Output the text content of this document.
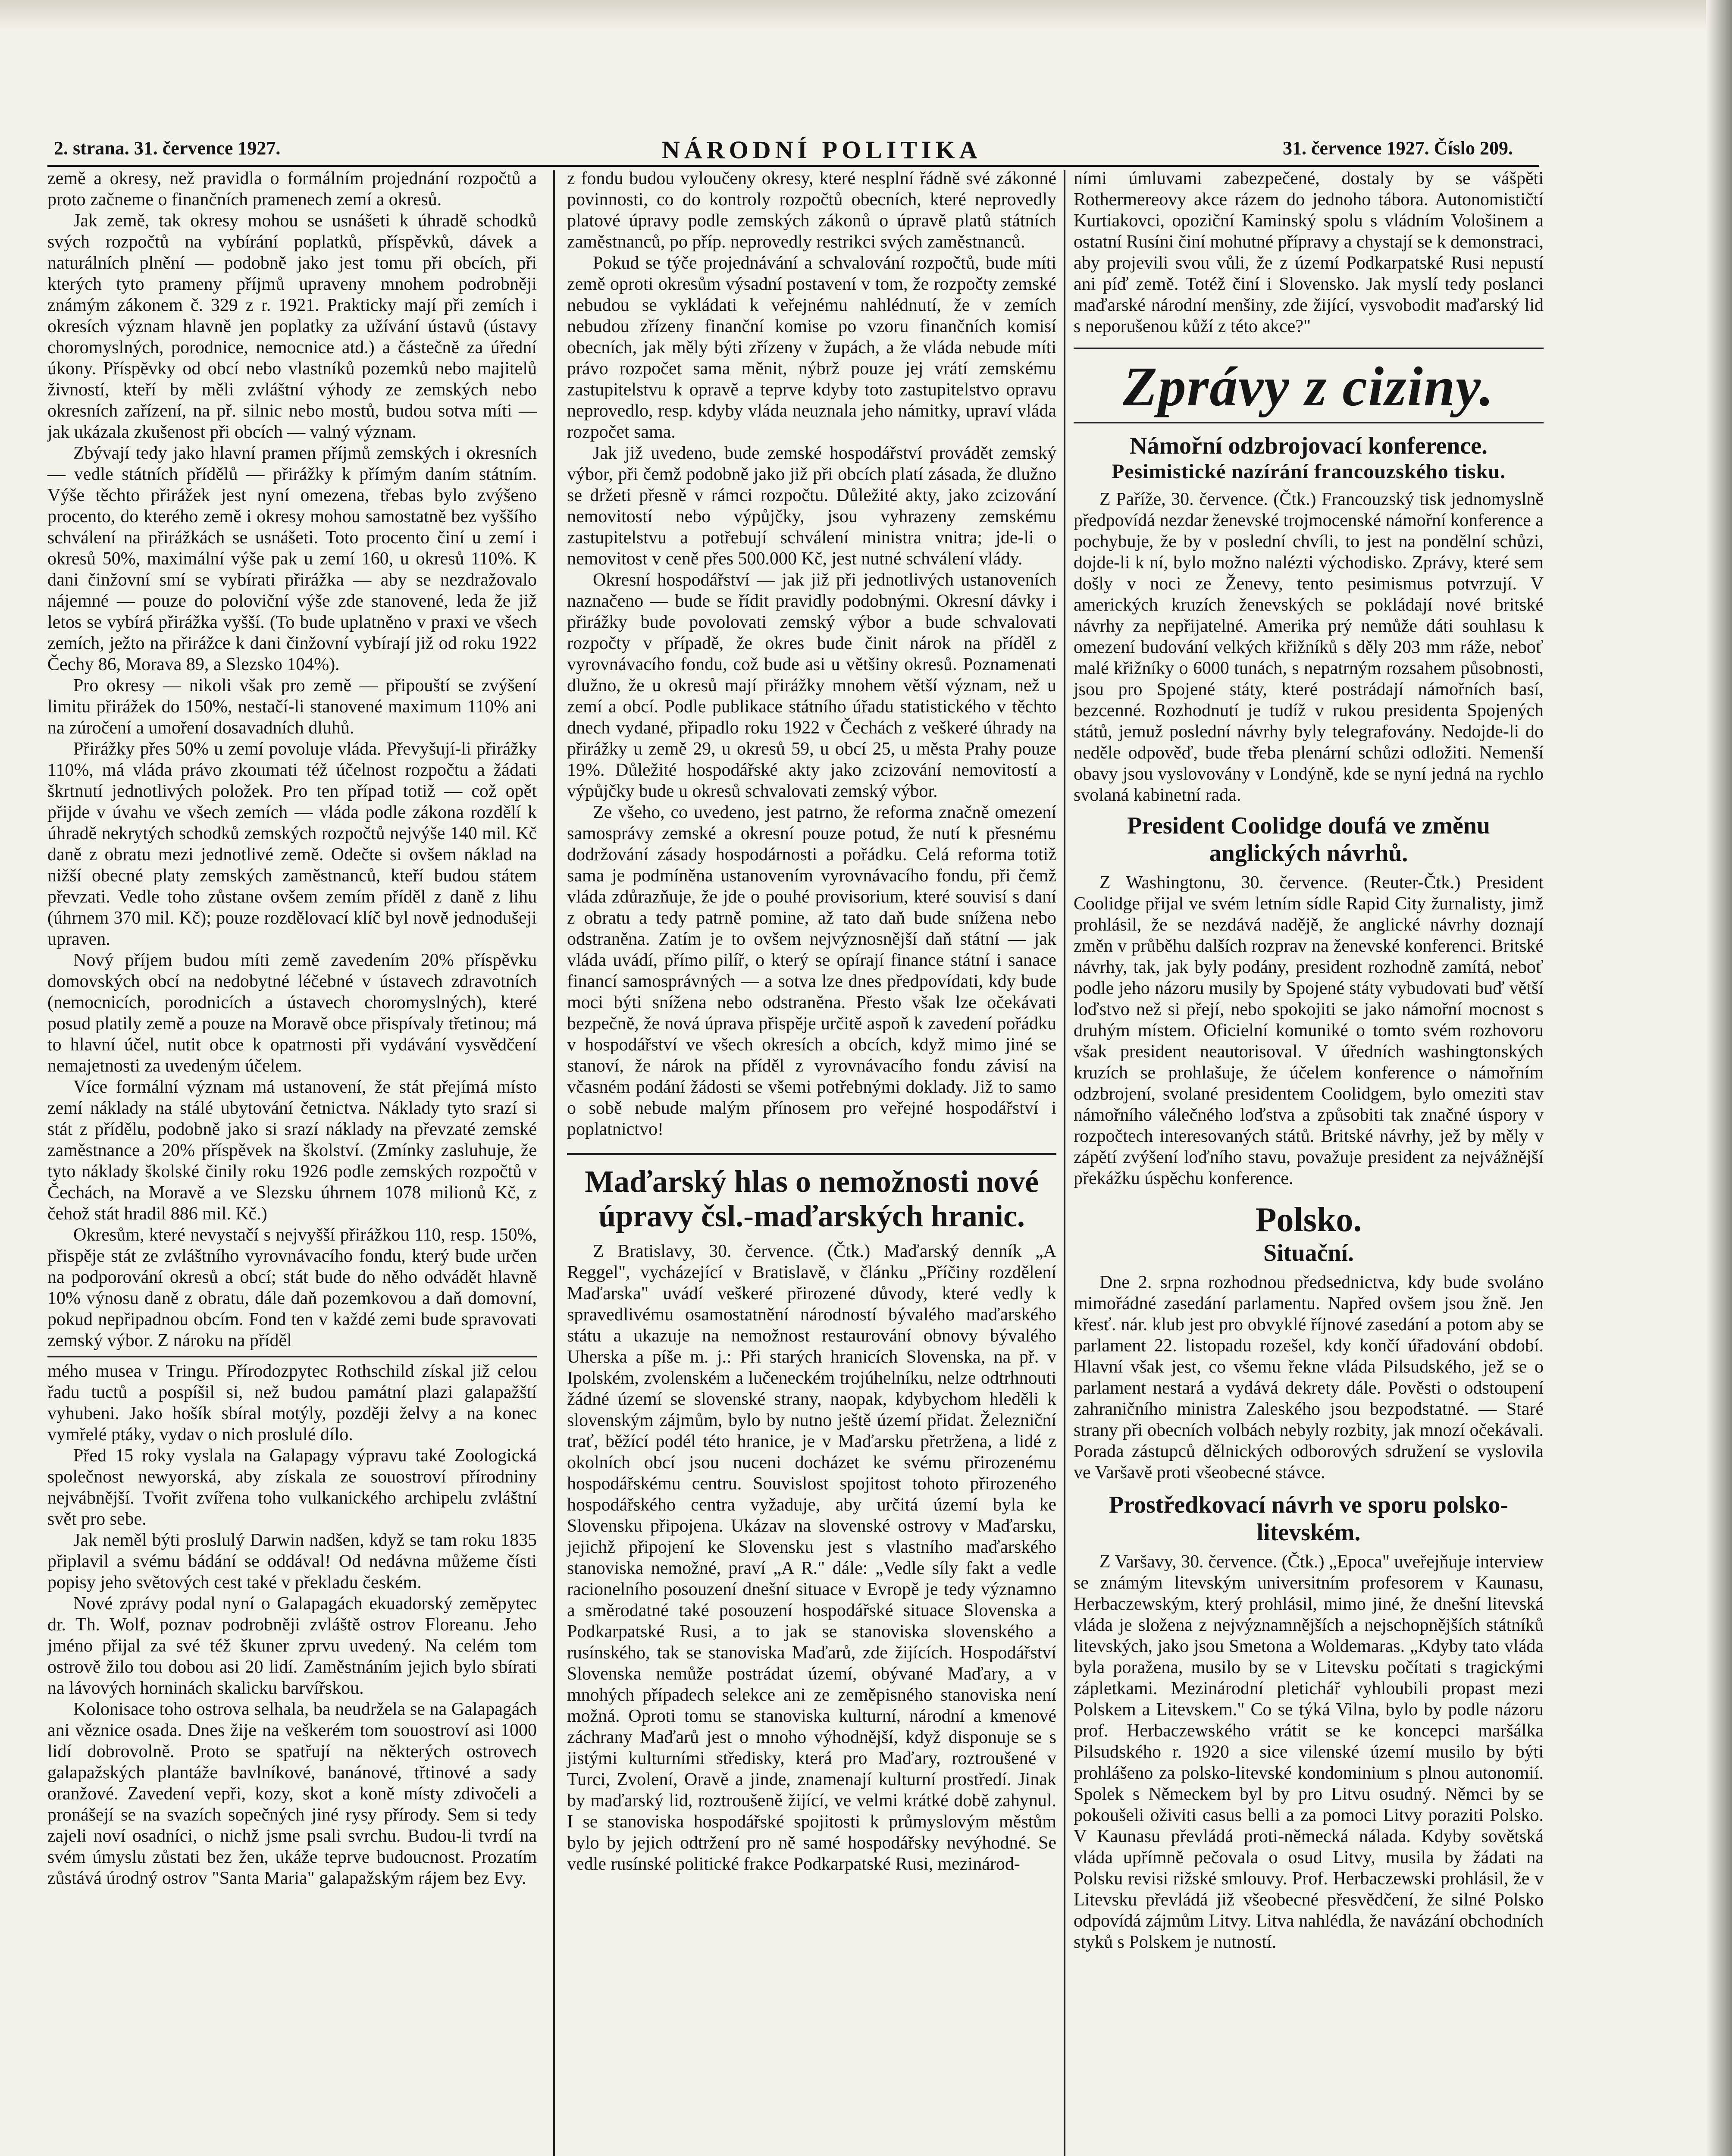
2. strana. 31. července 1927.	NÁRODNÍ POLITIKA	31. července 1927. Číslo 209.

země a okresy, než pravidla o formálním projednání rozpočtů a proto začneme o finančních pramenech zemí a okresů.

Jak země, tak okresy mohou se usnášeti k úhradě schodků svých rozpočtů na vybírání poplatků, příspěvků, dávek a naturálních plnění — podobně jako jest tomu při obcích, při kterých tyto prameny příjmů upraveny mnohem podrobněji známým zákonem č. 329 z r. 1921. Prakticky mají při zemích i okresích význam hlavně jen poplatky za užívání ústavů (ústavy choromyslných, porodnice, nemocnice atd.) a částečně za úřední úkony. Příspěvky od obcí nebo vlastníků pozemků nebo majitelů živností, kteří by měli zvláštní výhody ze zemských nebo okresních zařízení, na př. silnic nebo mostů, budou sotva míti — jak ukázala zkušenost při obcích — valný význam.

Zbývají tedy jako hlavní pramen příjmů zemských i okresních — vedle státních přídělů — přirážky k přímým daním státním. Výše těchto přirážek jest nyní omezena, třebas bylo zvýšeno procento, do kterého země i okresy mohou samostatně bez vyššího schválení na přirážkách se usnášeti. Toto procento činí u zemí i okresů 50%, maximální výše pak u zemí 160, u okresů 110%. K dani činžovní smí se vybírati přirážka — aby se nezdražovalo nájemné — pouze do poloviční výše zde stanovené, leda že již letos se vybírá přirážka vyšší. (To bude uplatněno v praxi ve všech zemích, ježto na přirážce k dani činžovní vybírají již od roku 1922 Čechy 86, Morava 89, a Slezsko 104%).

Pro okresy — nikoli však pro země — připouští se zvýšení limitu přirážek do 150%, nestačí-li stanovené maximum 110% ani na zúročení a umoření dosavadních dluhů.

Přirážky přes 50% u zemí povoluje vláda. Převyšují-li přirážky 110%, má vláda právo zkoumati též účelnost rozpočtu a žádati škrtnutí jednotlivých položek. Pro ten případ totiž — což opět přijde v úvahu ve všech zemích — vláda podle zákona rozdělí k úhradě nekrytých schodků zemských rozpočtů nejvýše 140 mil. Kč daně z obratu mezi jednotlivé země. Odečte si ovšem náklad na nižší obecné platy zemských zaměstnanců, kteří budou státem převzati. Vedle toho zůstane ovšem zemím příděl z daně z lihu (úhrnem 370 mil. Kč); pouze rozdělovací klíč byl nově jednodušeji upraven.

Nový příjem budou míti země zavedením 20% příspěvku domovských obcí na nedobytné léčebné v ústavech zdravotních (nemocnicích, porodnicích a ústavech choromyslných), které posud platily země a pouze na Moravě obce přispívaly třetinou; má to hlavní účel, nutit obce k opatrnosti při vydávání vysvědčení nemajetnosti za uvedeným účelem.

Více formální význam má ustanovení, že stát přejímá místo zemí náklady na stálé ubytování četnictva. Náklady tyto srazí si stát z přídělu, podobně jako si srazí náklady na převzaté zemské zaměstnance a 20% příspěvek na školství. (Zmínky zasluhuje, že tyto náklady školské činily roku 1926 podle zemských rozpočtů v Čechách, na Moravě a ve Slezsku úhrnem 1078 milionů Kč, z čehož stát hradil 886 mil. Kč.)

Okresům, které nevystačí s nejvyšší přirážkou 110, resp. 150%, přispěje stát ze zvláštního vyrovnávacího fondu, který bude určen na podporování okresů a obcí; stát bude do něho odvádět hlavně 10% výnosu daně z obratu, dále daň pozemkovou a daň domovní, pokud nepřipadnou obcím. Fond ten v každé zemi bude spravovati zemský výbor. Z nároku na příděl

mého musea v Tringu. Přírodozpytec Rothschild získal již celou řadu tuctů a pospíšil si, než budou památní plazi galapažští vyhubeni. Jako hošík sbíral motýly, později želvy a na konec vymřelé ptáky, vydav o nich proslulé dílo.

Před 15 roky vyslala na Galapagy výpravu také Zoologická společnost newyorská, aby získala ze souostroví přírodniny nejvábnější. Tvořit zvířena toho vulkanického archipelu zvláštní svět pro sebe.

Jak neměl býti proslulý Darwin nadšen, když se tam roku 1835 připlavil a svému bádání se oddával! Od nedávna můžeme čísti popisy jeho světových cest také v překladu českém.

Nové zprávy podal nyní o Galapagách ekuadorský zeměpytec dr. Th. Wolf, poznav podrobněji zvláště ostrov Floreanu. Jeho jméno přijal za své též škuner zprvu uvedený. Na celém tom ostrově žilo tou dobou asi 20 lidí. Zaměstnáním jejich bylo sbírati na lávových horninách skalicku barvířskou.

Kolonisace toho ostrova selhala, ba neudržela se na Galapagách ani věznice osada. Dnes žije na veškerém tom souostroví asi 1000 lidí dobrovolně. Proto se spatřují na některých ostrovech galapažských plantáže bavlníkové, banánové, třtinové a sady oranžové. Zavedení vepři, kozy, skot a koně místy zdivočeli a pronášejí se na svazích sopečných jiné rysy přírody. Sem si tedy zajeli noví osadníci, o nichž jsme psali svrchu. Budou-li tvrdí na svém úmyslu zůstati bez žen, ukáže teprve budoucnost. Prozatím zůstává úrodný ostrov "Santa Maria" galapažským rájem bez Evy.

z fondu budou vyloučeny okresy, které nesplní řádně své zákonné povinnosti, co do kontroly rozpočtů obecních, které neprovedly platové úpravy podle zemských zákonů o úpravě platů státních zaměstnanců, po příp. neprovedly restrikci svých zaměstnanců.

Pokud se týče projednávání a schvalování rozpočtů, bude míti země oproti okresům výsadní postavení v tom, že rozpočty zemské nebudou se vykládati k veřejnému nahlédnutí, že v zemích nebudou zřízeny finanční komise po vzoru finančních komisí obecních, jak měly býti zřízeny v župách, a že vláda nebude míti právo rozpočet sama měnit, nýbrž pouze jej vrátí zemskému zastupitelstvu k opravě a teprve kdyby toto zastupitelstvo opravu neprovedlo, resp. kdyby vláda neuznala jeho námitky, upraví vláda rozpočet sama.

Jak již uvedeno, bude zemské hospodářství provádět zemský výbor, při čemž podobně jako již při obcích platí zásada, že dlužno se držeti přesně v rámci rozpočtu. Důležité akty, jako zcizování nemovitostí nebo výpůjčky, jsou vyhrazeny zemskému zastupitelstvu a potřebují schválení ministra vnitra; jde-li o nemovitost v ceně přes 500.000 Kč, jest nutné schválení vlády.

Okresní hospodářství — jak již při jednotlivých ustanoveních naznačeno — bude se řídit pravidly podobnými. Okresní dávky i přirážky bude povolovati zemský výbor a bude schvalovati rozpočty v případě, že okres bude činit nárok na příděl z vyrovnávacího fondu, což bude asi u většiny okresů. Poznamenati dlužno, že u okresů mají přirážky mnohem větší význam, než u zemí a obcí. Podle publikace státního úřadu statistického v těchto dnech vydané, připadlo roku 1922 v Čechách z veškeré úhrady na přirážky u země 29, u okresů 59, u obcí 25, u města Prahy pouze 19%. Důležité hospodářské akty jako zcizování nemovitostí a výpůjčky bude u okresů schvalovati zemský výbor.

Ze všeho, co uvedeno, jest patrno, že reforma značně omezení samosprávy zemské a okresní pouze potud, že nutí k přesnému dodržování zásady hospodárnosti a pořádku. Celá reforma totiž sama je podmíněna ustanovením vyrovnávacího fondu, při čemž vláda zdůrazňuje, že jde o pouhé provisorium, které souvisí s daní z obratu a tedy patrně pomine, až tato daň bude snížena nebo odstraněna. Zatím je to ovšem nejvýznosnější daň státní — jak vláda uvádí, přímo pilíř, o který se opírají finance státní i sanace financí samosprávných — a sotva lze dnes předpovídati, kdy bude moci býti snížena nebo odstraněna. Přesto však lze očekávati bezpečně, že nová úprava přispěje určitě aspoň k zavedení pořádku v hospodářství ve všech okresích a obcích, když mimo jiné se stanoví, že nárok na příděl z vyrovnávacího fondu závisí na včasném podání žádosti se všemi potřebnými doklady. Již to samo o sobě nebude malým přínosem pro veřejné hospodářství i poplatnictvo!

Maďarský hlas o nemožnosti nové úpravy čsl.-maďarských hranic.

Z Bratislavy, 30. července. (Čtk.) Maďarský denník „A Reggel", vycházející v Bratislavě, v článku „Příčiny rozdělení Maďarska" uvádí veškeré přirozené důvody, které vedly k spravedlivému osamostatnění národností bývalého maďarského státu a ukazuje na nemožnost restaurování obnovy bývalého Uherska a píše m. j.: Při starých hranicích Slovenska, na př. v Ipolském, zvolenském a lučeneckém trojúhelníku, nelze odtrhnouti žádné území se slovenské strany, naopak, kdybychom hleděli k slovenským zájmům, bylo by nutno ještě území přidat. Železniční trať, běžící podél této hranice, je v Maďarsku přetržena, a lidé z okolních obcí jsou nuceni docházet ke svému přirozenému hospodářskému centru. Souvislost spojitost tohoto přirozeného hospodářského centra vyžaduje, aby určitá území byla ke Slovensku připojena. Ukázav na slovenské ostrovy v Maďarsku, jejichž připojení ke Slovensku jest s vlastního maďarského stanoviska nemožné, praví „A R." dále: „Vedle síly fakt a vedle racionelního posouzení dnešní situace v Evropě je tedy významno a směrodatné také posouzení hospodářské situace Slovenska a Podkarpatské Rusi, a to jak se stanoviska slovenského a rusínského, tak se stanoviska Maďarů, zde žijících. Hospodářství Slovenska nemůže postrádat území, obývané Maďary, a v mnohých případech selekce ani ze zeměpisného stanoviska není možná. Oproti tomu se stanoviska kulturní, národní a kmenové záchrany Maďarů jest o mnoho výhodnější, když disponuje se s jistými kulturními středisky, která pro Maďary, roztroušené v Turci, Zvolení, Oravě a jinde, znamenají kulturní prostředí. Jinak by maďarský lid, roztroušeně žijící, ve velmi krátké době zahynul. I se stanoviska hospodářské spojitosti k průmyslovým městům bylo by jejich odtržení pro ně samé hospodářsky nevýhodné. Se vedle rusínské politické frakce Podkarpatské Rusi, mezinárod-

ními úmluvami zabezpečené, dostaly by se vášpěti Rothermereovy akce rázem do jednoho tábora. Autonomističtí Kurtiakovci, opoziční Kaminský spolu s vládním Vološinem a ostatní Rusíni činí mohutné přípravy a chystají se k demonstraci, aby projevili svou vůli, že z území Podkarpatské Rusi nepustí ani píď země. Totéž činí i Slovensko. Jak myslí tedy poslanci maďarské národní menšiny, zde žijící, vysvobodit maďarský lid s neporušenou kůží z této akce?"

Zprávy z ciziny.
Námořní odzbrojovací konference.
Pesimistické nazírání francouzského tisku.

Z Paříže, 30. července. (Čtk.) Francouzský tisk jednomyslně předpovídá nezdar ženevské trojmocenské námořní konference a pochybuje, že by v poslední chvíli, to jest na pondělní schůzi, dojde-li k ní, bylo možno nalézti východisko. Zprávy, které sem došly v noci ze Ženevy, tento pesimismus potvrzují. V amerických kruzích ženevských se pokládají nové britské návrhy za nepřijatelné. Amerika prý nemůže dáti souhlasu k omezení budování velkých křižníků s děly 203 mm ráže, neboť malé křižníky o 6000 tunách, s nepatrným rozsahem působnosti, jsou pro Spojené státy, které postrádají námořních basí, bezcenné. Rozhodnutí je tudíž v rukou presidenta Spojených států, jemuž poslední návrhy byly telegrafovány. Nedojde-li do neděle odpověď, bude třeba plenární schůzi odložiti. Nemenší obavy jsou vyslovovány v Londýně, kde se nyní jedná na rychlo svolaná kabinetní rada.

President Coolidge doufá ve změnu anglických návrhů.

Z Washingtonu, 30. července. (Reuter-Čtk.) President Coolidge přijal ve svém letním sídle Rapid City žurnalisty, jimž prohlásil, že se nezdává nadějě, že anglické návrhy doznají změn v průběhu dalších rozprav na ženevské konferenci. Britské návrhy, tak, jak byly podány, president rozhodně zamítá, neboť podle jeho názoru musily by Spojené státy vybudovati buď větší loďstvo než si přejí, nebo spokojiti se jako námořní mocnost s druhým místem. Oficielní komuniké o tomto svém rozhovoru však president neautorisoval. V úředních washingtonských kruzích se prohlašuje, že účelem konference o námořním odzbrojení, svolané presidentem Coolidgem, bylo omeziti stav námořního válečného loďstva a způsobiti tak značné úspory v rozpočtech interesovaných států. Britské návrhy, jež by měly v zápětí zvýšení loďního stavu, považuje president za nejvážnější překážku úspěchu konference.

Polsko.
Situační.

Dne 2. srpna rozhodnou předsednictva, kdy bude svoláno mimořádné zasedání parlamentu. Napřed ovšem jsou žně. Jen křesť. nár. klub jest pro obvyklé říjnové zasedání a potom aby se parlament 22. listopadu rozešel, kdy končí úřadování období. Hlavní však jest, co všemu řekne vláda Pilsudského, jež se o parlament nestará a vydává dekrety dále. Pověsti o odstoupení zahraničního ministra Zaleského jsou bezpodstatné. — Staré strany při obecních volbách nebyly rozbity, jak mnozí očekávali. Porada zástupců dělnických odborových sdružení se vyslovila ve Varšavě proti všeobecné stávce.

Prostředkovací návrh ve sporu polsko-litevském.

Z Varšavy, 30. července. (Čtk.) „Epoca" uveřejňuje interview se známým litevským universitním profesorem v Kaunasu, Herbaczewským, který prohlásil, mimo jiné, že dnešní litevská vláda je složena z nejvýznamnějších a nejschopnějších státníků litevských, jako jsou Smetona a Woldemaras. „Kdyby tato vláda byla poražena, musilo by se v Litevsku počítati s tragickými zápletkami. Mezinárodní pletichář vyhloubili propast mezi Polskem a Litevskem." Co se týká Vilna, bylo by podle názoru prof. Herbaczewského vrátit se ke koncepci maršálka Pilsudského r. 1920 a sice vilenské území musilo by býti prohlášeno za polsko-litevské kondominium s plnou autonomií. Spolek s Německem byl by pro Litvu osudný. Němci by se pokoušeli oživiti casus belli a za pomoci Litvy poraziti Polsko. V Kaunasu převládá proti-německá nálada. Kdyby sovětská vláda upřímně pečovala o osud Litvy, musila by žádati na Polsku revisi rižské smlouvy. Prof. Herbaczewski prohlásil, že v Litevsku převládá již všeobecné přesvědčení, že silné Polsko odpovídá zájmům Litvy. Litva nahlédla, že navázání obchodních styků s Polskem je nutností.
